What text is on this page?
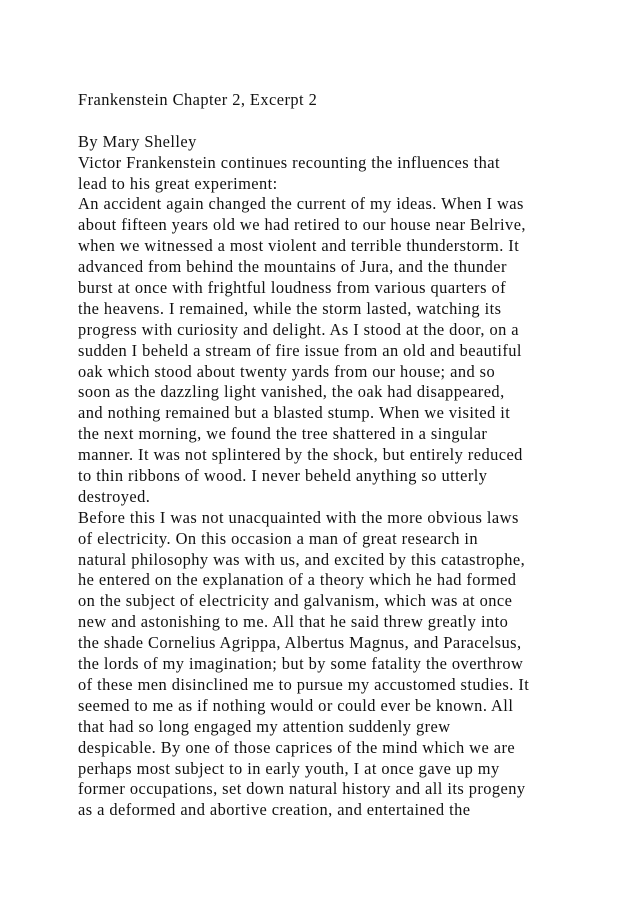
Frankenstein Chapter 2, Excerpt 2
By Mary Shelley
Victor Frankenstein continues recounting the influences that
lead to his great experiment:
An accident again changed the current of my ideas. When I was
about fifteen years old we had retired to our house near Belrive,
when we witnessed a most violent and terrible thunderstorm. It
advanced from behind the mountains of Jura, and the thunder
burst at once with frightful loudness from various quarters of
the heavens. I remained, while the storm lasted, watching its
progress with curiosity and delight. As I stood at the door, on a
sudden I beheld a stream of fire issue from an old and beautiful
oak which stood about twenty yards from our house; and so
soon as the dazzling light vanished, the oak had disappeared,
and nothing remained but a blasted stump. When we visited it
the next morning, we found the tree shattered in a singular
manner. It was not splintered by the shock, but entirely reduced
to thin ribbons of wood. I never beheld anything so utterly
destroyed.
Before this I was not unacquainted with the more obvious laws
of electricity. On this occasion a man of great research in
natural philosophy was with us, and excited by this catastrophe,
he entered on the explanation of a theory which he had formed
on the subject of electricity and galvanism, which was at once
new and astonishing to me. All that he said threw greatly into
the shade Cornelius Agrippa, Albertus Magnus, and Paracelsus,
the lords of my imagination; but by some fatality the overthrow
of these men disinclined me to pursue my accustomed studies. It
seemed to me as if nothing would or could ever be known. All
that had so long engaged my attention suddenly grew
despicable. By one of those caprices of the mind which we are
perhaps most subject to in early youth, I at once gave up my
former occupations, set down natural history and all its progeny
as a deformed and abortive creation, and entertained the
